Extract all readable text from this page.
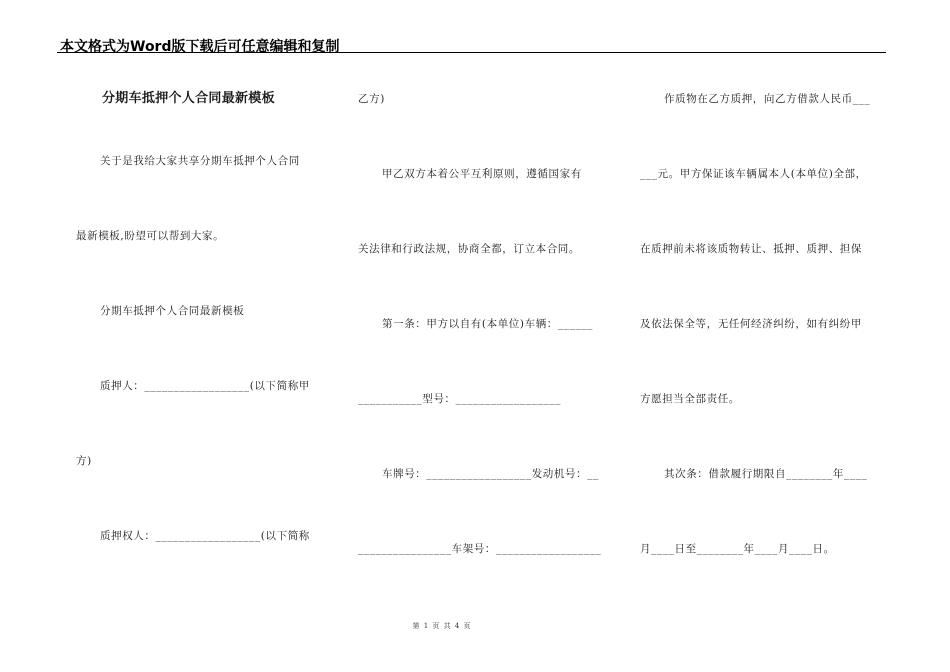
本文格式为Word版下载后可任意编辑和复制
分期车抵押个人合同最新模板
关于是我给大家共享分期车抵押个人合同
最新模板,盼望可以帮到大家。
分期车抵押个人合同最新模板
质押人：__________________(以下简称甲
方)
质押权人：__________________(以下简称
乙方)
甲乙双方本着公平互利原则，遵循国家有
关法律和行政法规，协商全都，订立本合同。
第一条：甲方以自有(本单位)车辆：______
___________型号：__________________
车牌号：__________________发动机号：__
________________车架号：__________________
作质物在乙方质押，向乙方借款人民币___
___元。甲方保证该车辆属本人(本单位)全部，
在质押前未将该质物转让、抵押、质押、担保
及依法保全等，无任何经济纠纷，如有纠纷甲
方愿担当全部责任。
其次条：借款履行期限自________年____
月____日至________年____月____日。
第 1 页 共 4 页
